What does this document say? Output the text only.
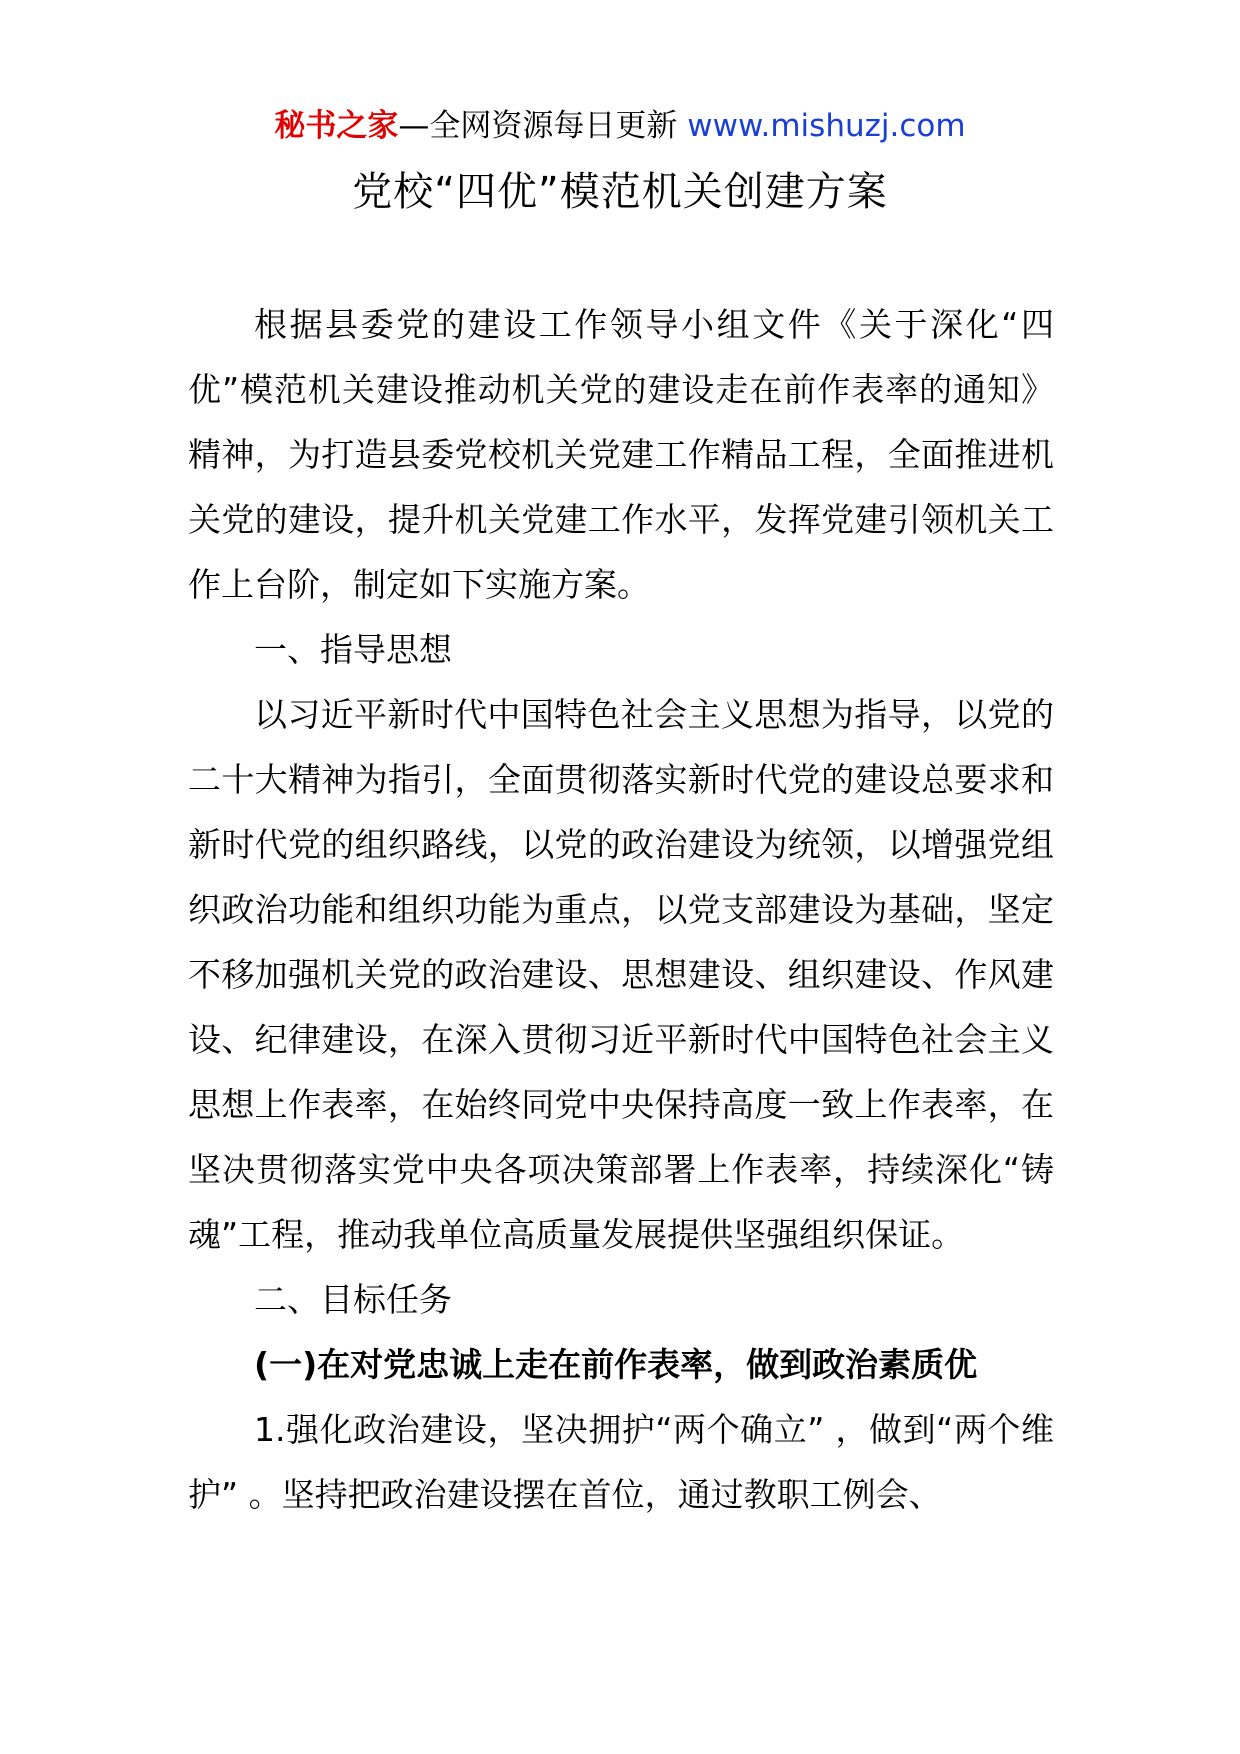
秘书之家—全网资源每日更新 www.mishuzj.com
党校“四优”模范机关创建方案

根据县委党的建设工作领导小组文件《关于深化“四优”模范机关建设推动机关党的建设走在前作表率的通知》精神，为打造县委党校机关党建工作精品工程，全面推进机关党的建设，提升机关党建工作水平，发挥党建引领机关工作上台阶，制定如下实施方案。

一、指导思想

以习近平新时代中国特色社会主义思想为指导，以党的二十大精神为指引，全面贯彻落实新时代党的建设总要求和新时代党的组织路线，以党的政治建设为统领，以增强党组织政治功能和组织功能为重点，以党支部建设为基础，坚定不移加强机关党的政治建设、思想建设、组织建设、作风建设、纪律建设，在深入贯彻习近平新时代中国特色社会主义思想上作表率，在始终同党中央保持高度一致上作表率，在坚决贯彻落实党中央各项决策部署上作表率，持续深化“铸魂”工程，推动我单位高质量发展提供坚强组织保证。

二、目标任务

(一)在对党忠诚上走在前作表率，做到政治素质优

1.强化政治建设，坚决拥护“两个确立” ，做到“两个维护” 。坚持把政治建设摆在首位，通过教职工例会、
